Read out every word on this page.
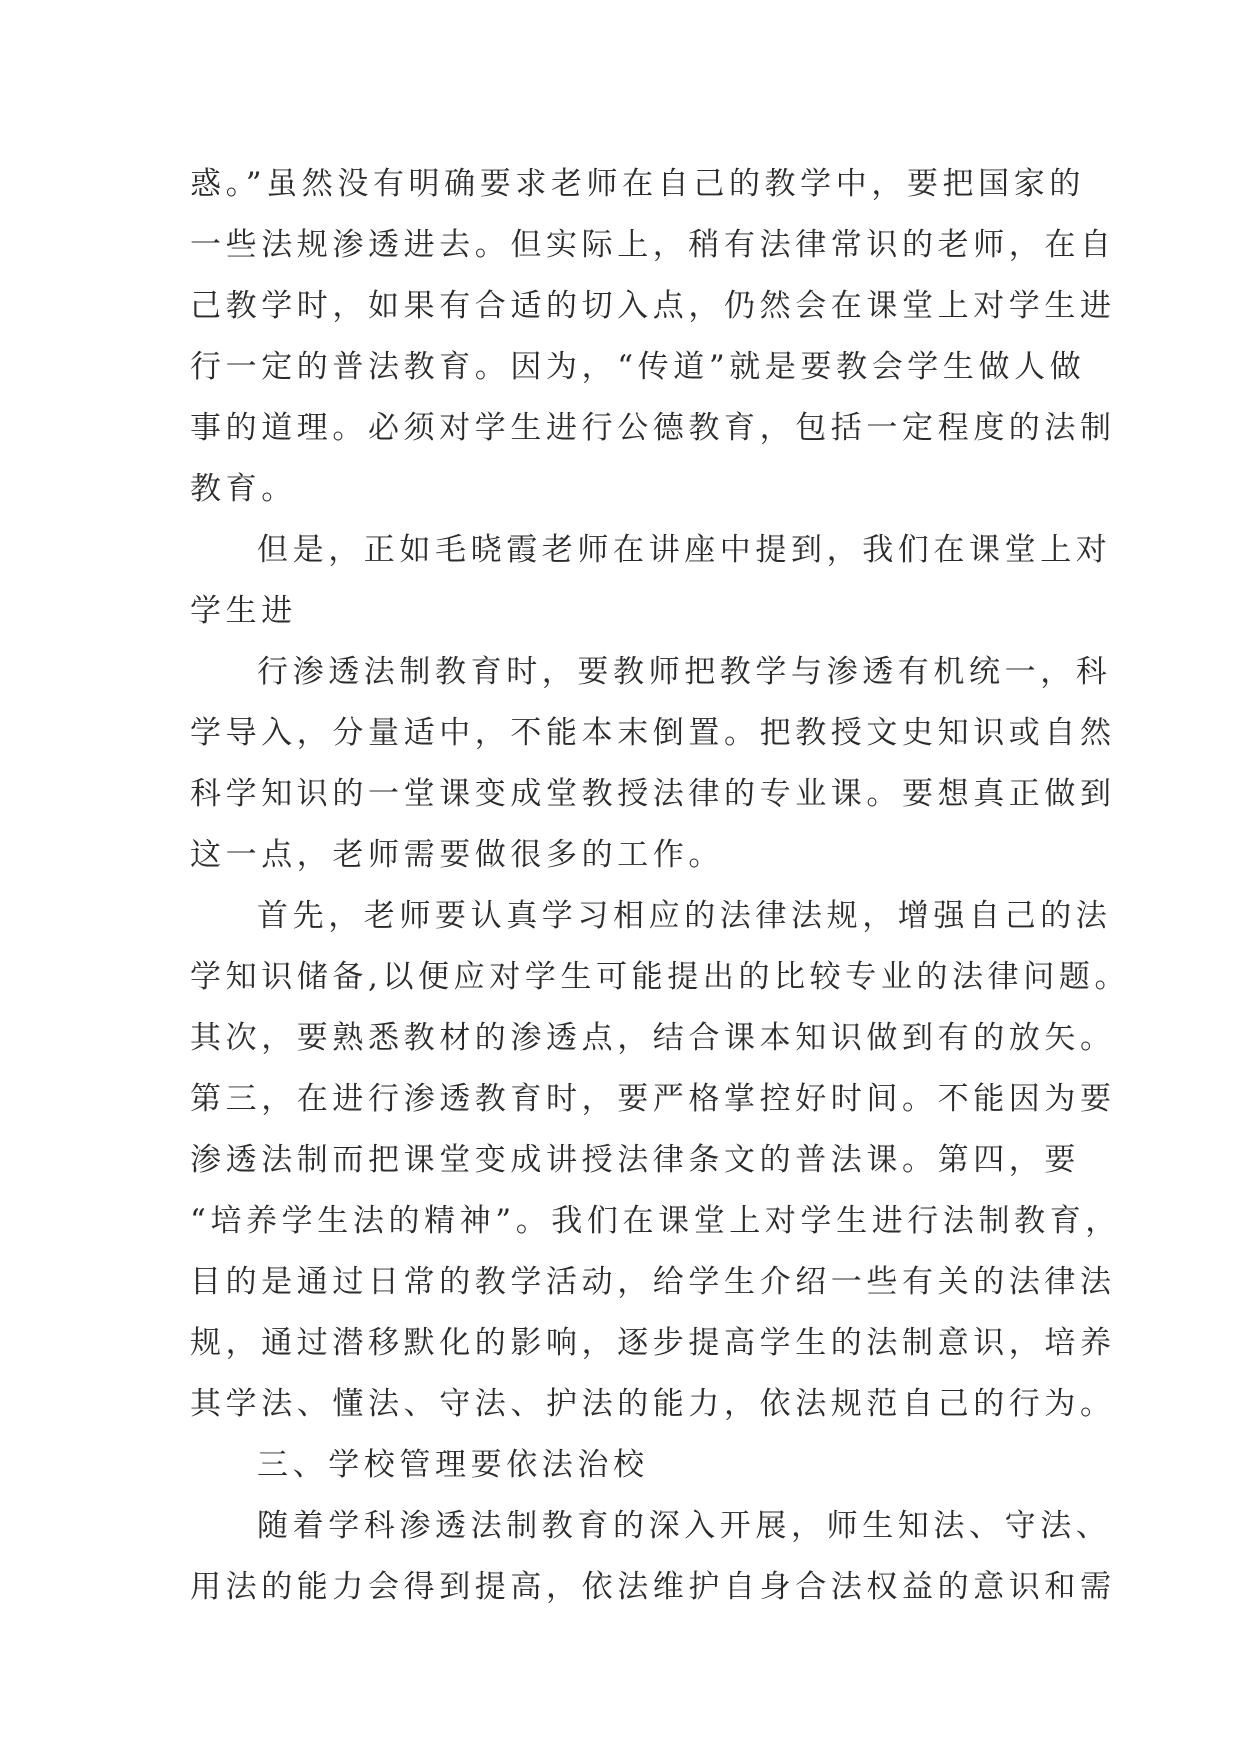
惑。”虽然没有明确要求老师在自己的教学中，要把国家的
一些法规渗透进去。但实际上，稍有法律常识的老师，在自
己教学时，如果有合适的切入点，仍然会在课堂上对学生进
行一定的普法教育。因为，“传道”就是要教会学生做人做
事的道理。必须对学生进行公德教育，包括一定程度的法制
教育。
但是，正如毛晓霞老师在讲座中提到，我们在课堂上对
学生进
行渗透法制教育时，要教师把教学与渗透有机统一，科
学导入，分量适中，不能本末倒置。把教授文史知识或自然
科学知识的一堂课变成堂教授法律的专业课。要想真正做到
这一点，老师需要做很多的工作。
首先，老师要认真学习相应的法律法规，增强自己的法
学知识储备,以便应对学生可能提出的比较专业的法律问题。
其次，要熟悉教材的渗透点，结合课本知识做到有的放矢。
第三，在进行渗透教育时，要严格掌控好时间。不能因为要
渗透法制而把课堂变成讲授法律条文的普法课。第四，要
“培养学生法的精神”。我们在课堂上对学生进行法制教育，
目的是通过日常的教学活动，给学生介绍一些有关的法律法
规，通过潜移默化的影响，逐步提高学生的法制意识，培养
其学法、懂法、守法、护法的能力，依法规范自己的行为。
三、学校管理要依法治校
随着学科渗透法制教育的深入开展，师生知法、守法、
用法的能力会得到提高，依法维护自身合法权益的意识和需
